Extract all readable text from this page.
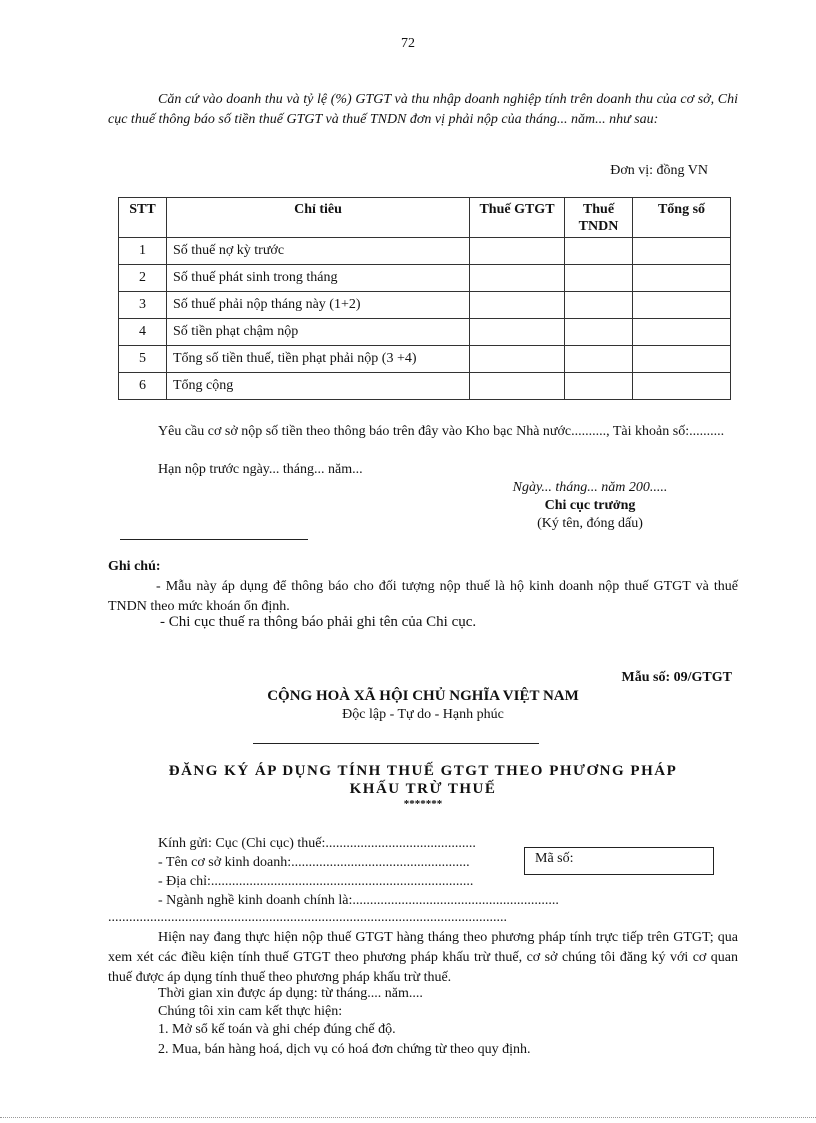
72
Căn cứ vào doanh thu và tỷ lệ (%) GTGT và thu nhập doanh nghiệp tính trên doanh thu của cơ sở, Chi cục thuế thông báo số tiền thuế GTGT và thuế TNDN đơn vị phải nộp của tháng... năm... như sau:
Đơn vị: đồng VN
STT	Chỉ tiêu	Thuế GTGT	Thuế TNDN	Tổng số
1	Số thuế nợ kỳ trước			
2	Số thuế phát sinh trong tháng			
3	Số thuế phải nộp tháng này (1+2)			
4	Số tiền phạt chậm nộp			
5	Tổng số tiền thuế, tiền phạt phải nộp (3 +4)			
6	Tổng cộng			
Yêu cầu cơ sở nộp số tiền theo thông báo trên đây vào Kho bạc Nhà nước.........., Tài khoản số:..........
Hạn nộp trước ngày... tháng... năm...
Ngày... tháng... năm 200.....
Chi cục trưởng
(Ký tên, đóng dấu)
Ghi chú:
- Mẫu này áp dụng để thông báo cho đối tượng nộp thuế là hộ kinh doanh nộp thuế GTGT và thuế TNDN theo mức khoán ổn định.
- Chi cục thuế ra thông báo phải ghi tên của Chi cục.
Mẫu số: 09/GTGT
CỘNG HOÀ XÃ HỘI CHỦ NGHĨA VIỆT NAM
Độc lập - Tự do - Hạnh phúc
ĐĂNG KÝ ÁP DỤNG TÍNH THUẾ GTGT THEO PHƯƠNG PHÁP
KHẤU TRỪ THUẾ
*******
Kính gửi: Cục (Chi cục) thuế:...........................................
- Tên cơ sở kinh doanh:...................................................	Mã số:
- Địa chỉ:...........................................................................
- Ngành nghề kinh doanh chính là:...........................................................
..................................................................................................................
Hiện nay đang thực hiện nộp thuế GTGT hàng tháng theo phương pháp tính trực tiếp trên GTGT; qua xem xét các điều kiện tính thuế GTGT theo phương pháp khấu trừ thuế, cơ sở chúng tôi đăng ký với cơ quan thuế được áp dụng tính thuế theo phương pháp khấu trừ thuế.
Thời gian xin được áp dụng: từ tháng.... năm....
Chúng tôi xin cam kết thực hiện:
1. Mở sổ kế toán và ghi chép đúng chế độ.
2. Mua, bán hàng hoá, dịch vụ có hoá đơn chứng từ theo quy định.
